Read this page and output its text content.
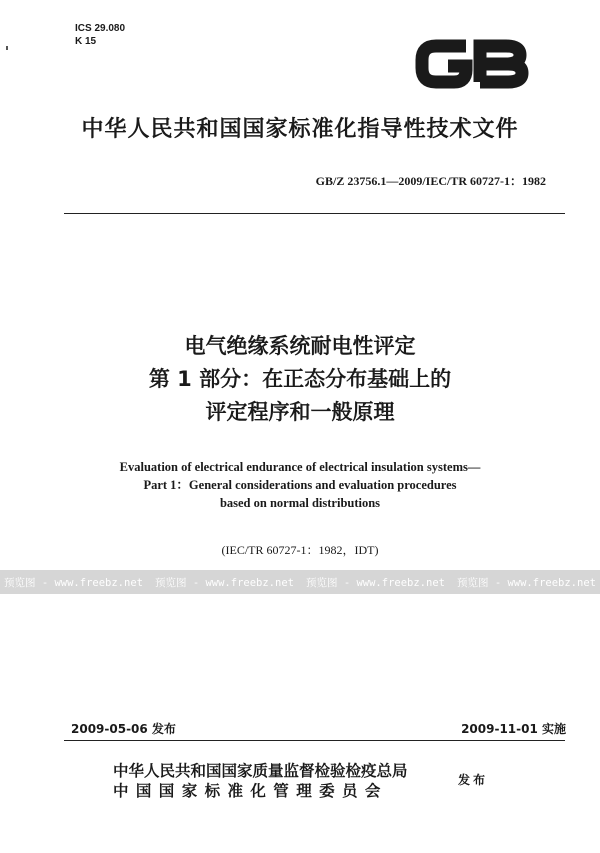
ICS 29.080
K 15	GB
中华人民共和国国家标准化指导性技术文件
GB/Z 23756.1—2009/IEC/TR 60727-1：1982
电气绝缘系统耐电性评定
第 1 部分：在正态分布基础上的
评定程序和一般原理
Evaluation of electrical endurance of electrical insulation systems—
Part 1：General considerations and evaluation procedures
based on normal distributions
(IEC/TR 60727-1：1982，IDT)
预览图 - www.freebz.net 预览图 - www.freebz.net 预览图 - www.freebz.net 预览图 - www.freebz.net
2009-05-06 发布	2009-11-01 实施
中华人民共和国国家质量监督检验检疫总局
中国国家标准化管理委员会
发布
